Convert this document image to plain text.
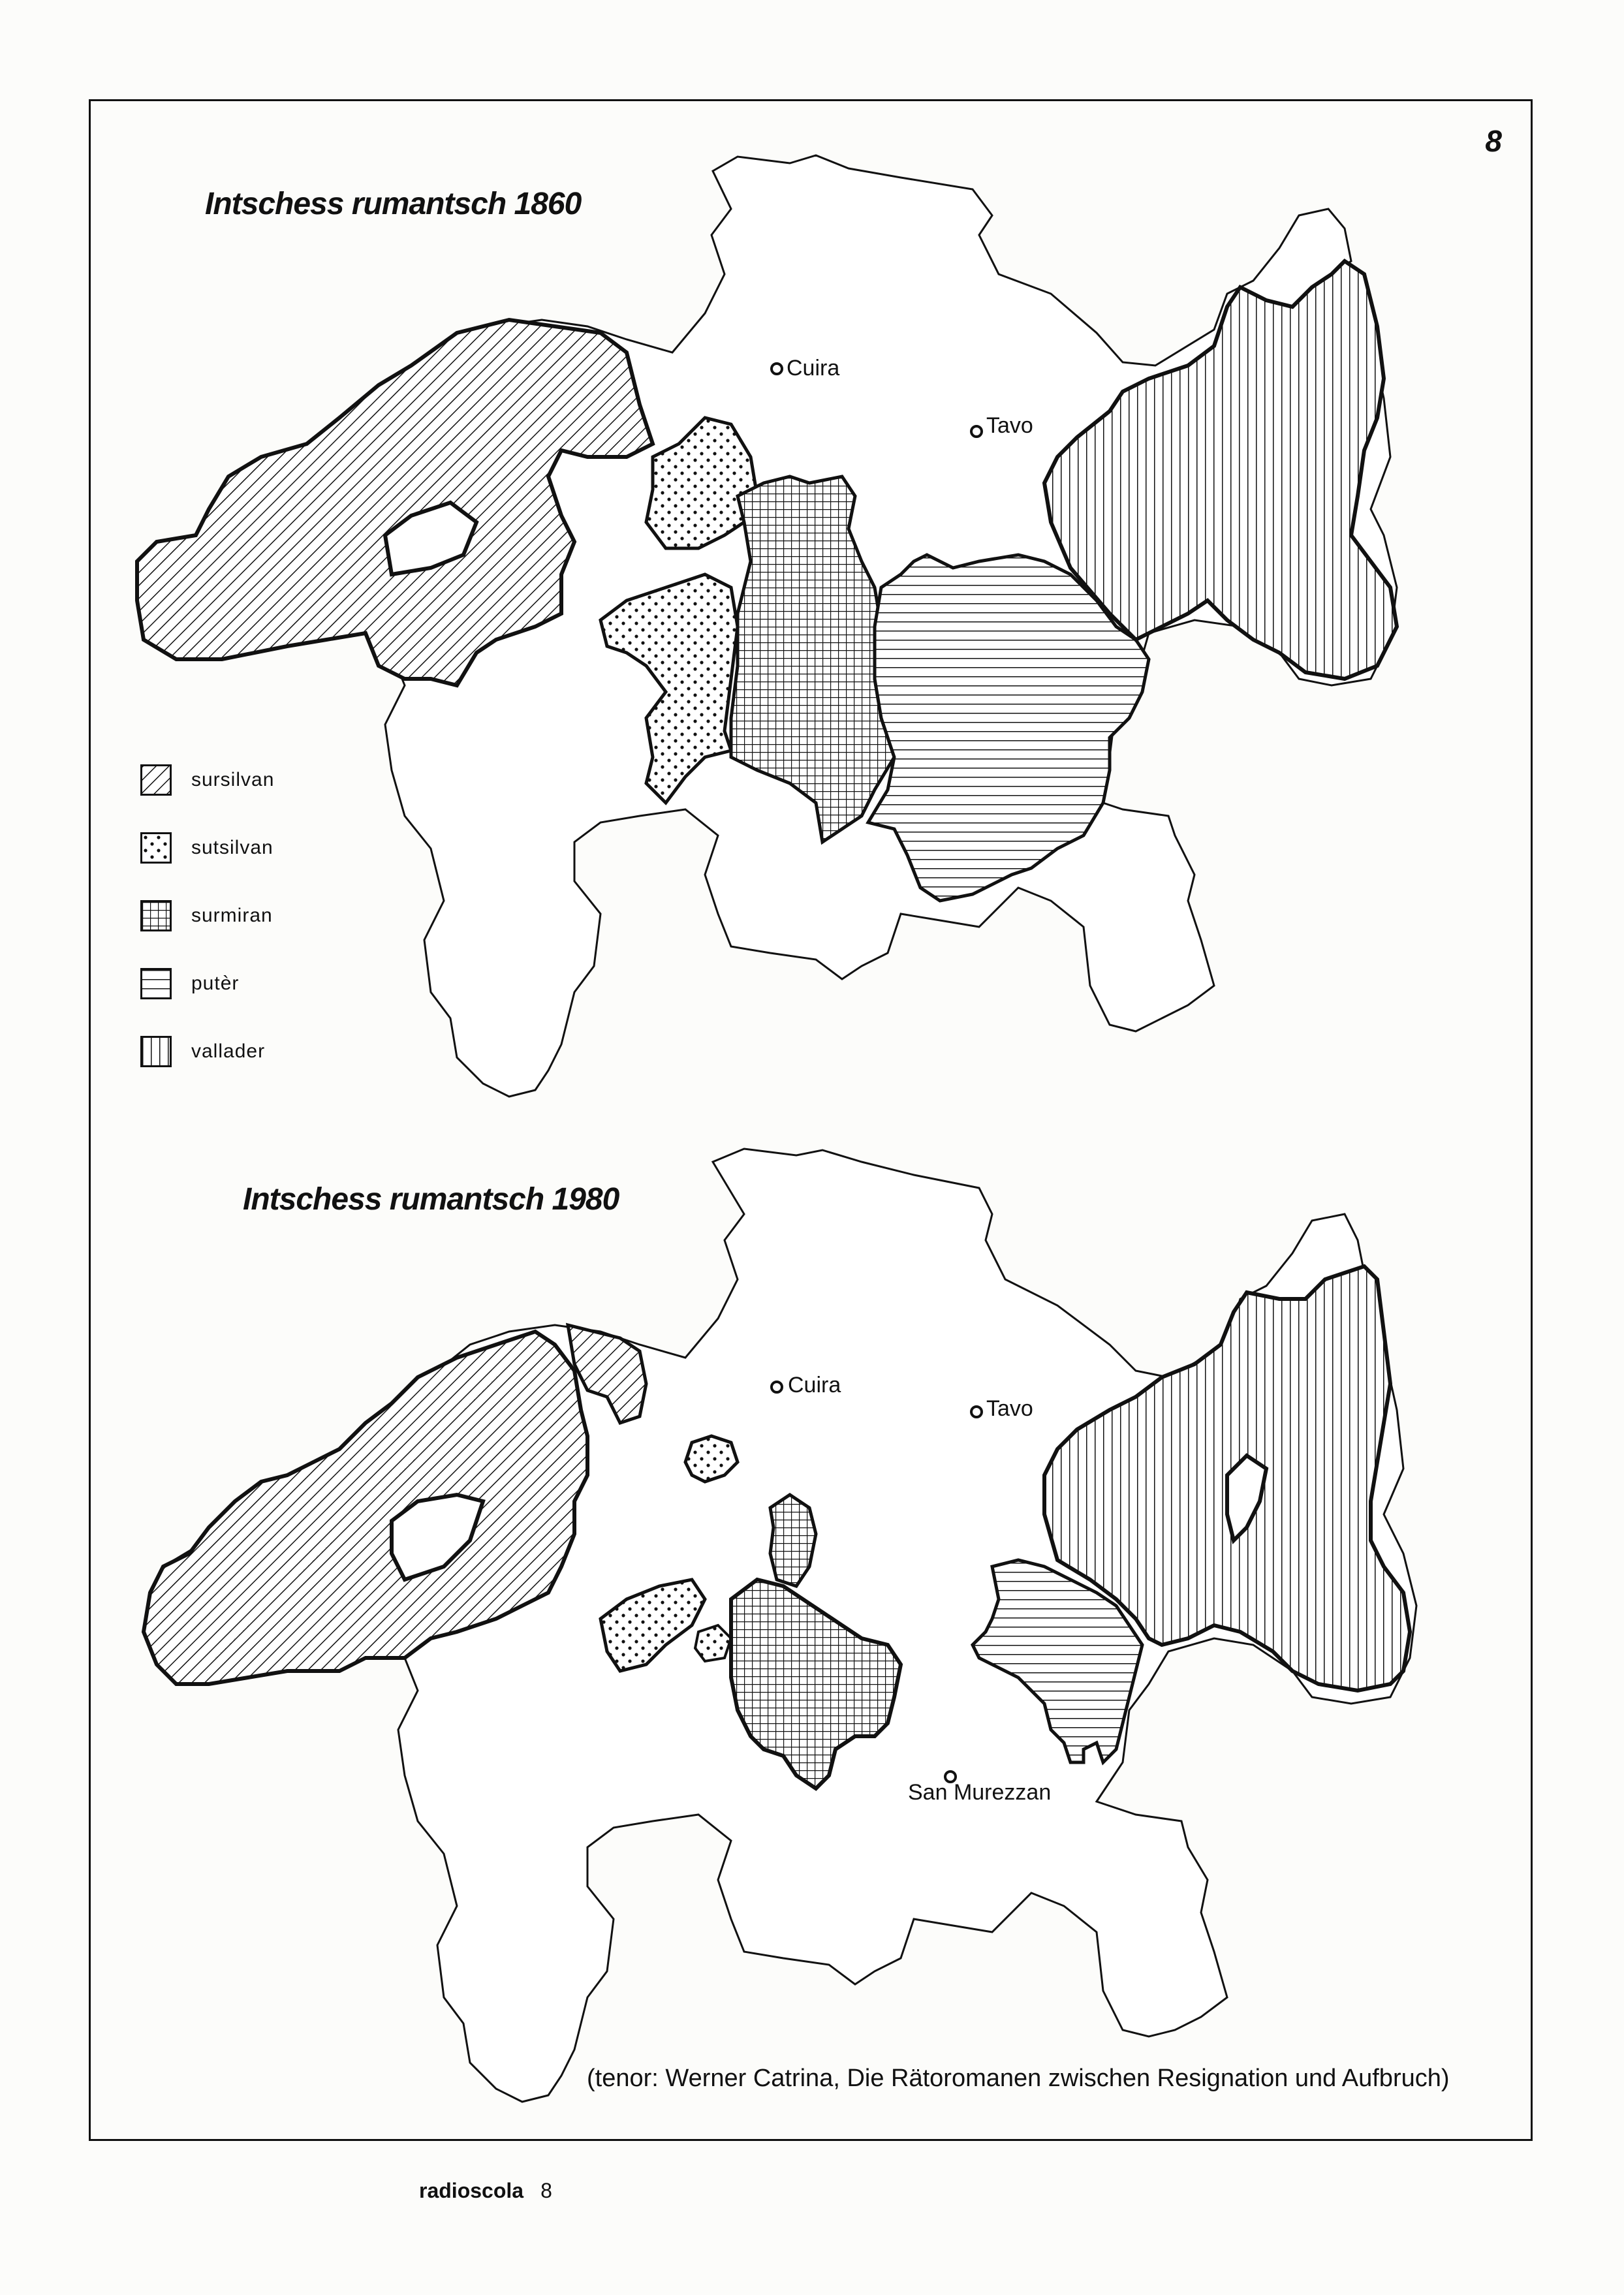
8
Intschess rumantsch 1860
Intschess rumantsch 1980
Cuira
Tavo
Cuira
Tavo
San Murezzan
sursilvan
sutsilvan
surmiran
putèr
vallader
(tenor: Werner Catrina, Die Rätoromanen zwischen Resignation und Aufbruch)
radioscola 8
